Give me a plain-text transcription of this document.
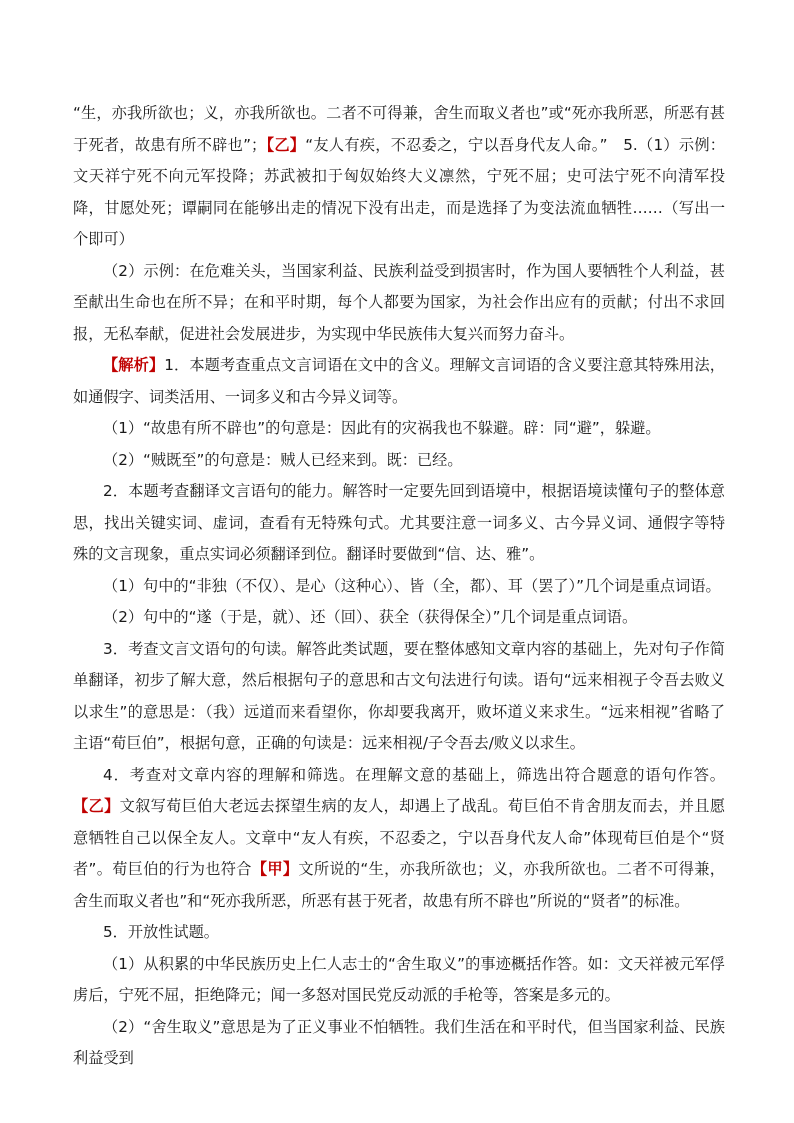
“生，亦我所欲也；义，亦我所欲也。二者不可得兼，舍生而取义者也”或“死亦我所恶，所恶有甚于死者，故患有所不辟也”；【乙】“友人有疾，不忍委之，宁以吾身代友人命。”　5.（1）示例：文天祥宁死不向元军投降；苏武被扣于匈奴始终大义凛然，宁死不屈；史可法宁死不向清军投降，甘愿处死；谭嗣同在能够出走的情况下没有出走，而是选择了为变法流血牺牲……（写出一个即可）

（2）示例：在危难关头，当国家利益、民族利益受到损害时，作为国人要牺牲个人利益，甚至献出生命也在所不异；在和平时期，每个人都要为国家，为社会作出应有的贡献；付出不求回报，无私奉献，促进社会发展进步，为实现中华民族伟大复兴而努力奋斗。

【解析】1．本题考查重点文言词语在文中的含义。理解文言词语的含义要注意其特殊用法，如通假字、词类活用、一词多义和古今异义词等。

（1）“故患有所不辟也”的句意是：因此有的灾祸我也不躲避。辟：同“避”，躲避。

（2）“贼既至”的句意是：贼人已经来到。既：已经。

2．本题考查翻译文言语句的能力。解答时一定要先回到语境中，根据语境读懂句子的整体意思，找出关键实词、虚词，查看有无特殊句式。尤其要注意一词多义、古今异义词、通假字等特殊的文言现象，重点实词必须翻译到位。翻译时要做到“信、达、雅”。

（1）句中的“非独（不仅）、是心（这种心）、皆（全，都）、耳（罢了）”几个词是重点词语。

（2）句中的“遂（于是，就）、还（回）、获全（获得保全）”几个词是重点词语。

3．考查文言文语句的句读。解答此类试题，要在整体感知文章内容的基础上，先对句子作简单翻译，初步了解大意，然后根据句子的意思和古文句法进行句读。语句“远来相视子令吾去败义以求生”的意思是：（我）远道而来看望你，你却要我离开，败坏道义来求生。“远来相视”省略了主语“荀巨伯”，根据句意，正确的句读是：远来相视/子令吾去/败义以求生。

4．考查对文章内容的理解和筛选。在理解文意的基础上，筛选出符合题意的语句作答。【乙】文叙写荀巨伯大老远去探望生病的友人，却遇上了战乱。荀巨伯不肯舍朋友而去，并且愿意牺牲自己以保全友人。文章中“友人有疾，不忍委之，宁以吾身代友人命”体现荀巨伯是个“贤者”。荀巨伯的行为也符合【甲】文所说的“生，亦我所欲也；义，亦我所欲也。二者不可得兼，舍生而取义者也”和“死亦我所恶，所恶有甚于死者，故患有所不辟也”所说的“贤者”的标准。

5．开放性试题。

（1）从积累的中华民族历史上仁人志士的“舍生取义”的事迹概括作答。如：文天祥被元军俘虏后，宁死不屈，拒绝降元；闻一多怒对国民党反动派的手枪等，答案是多元的。

（2）“舍生取义”意思是为了正义事业不怕牺牲。我们生活在和平时代，但当国家利益、民族利益受到
